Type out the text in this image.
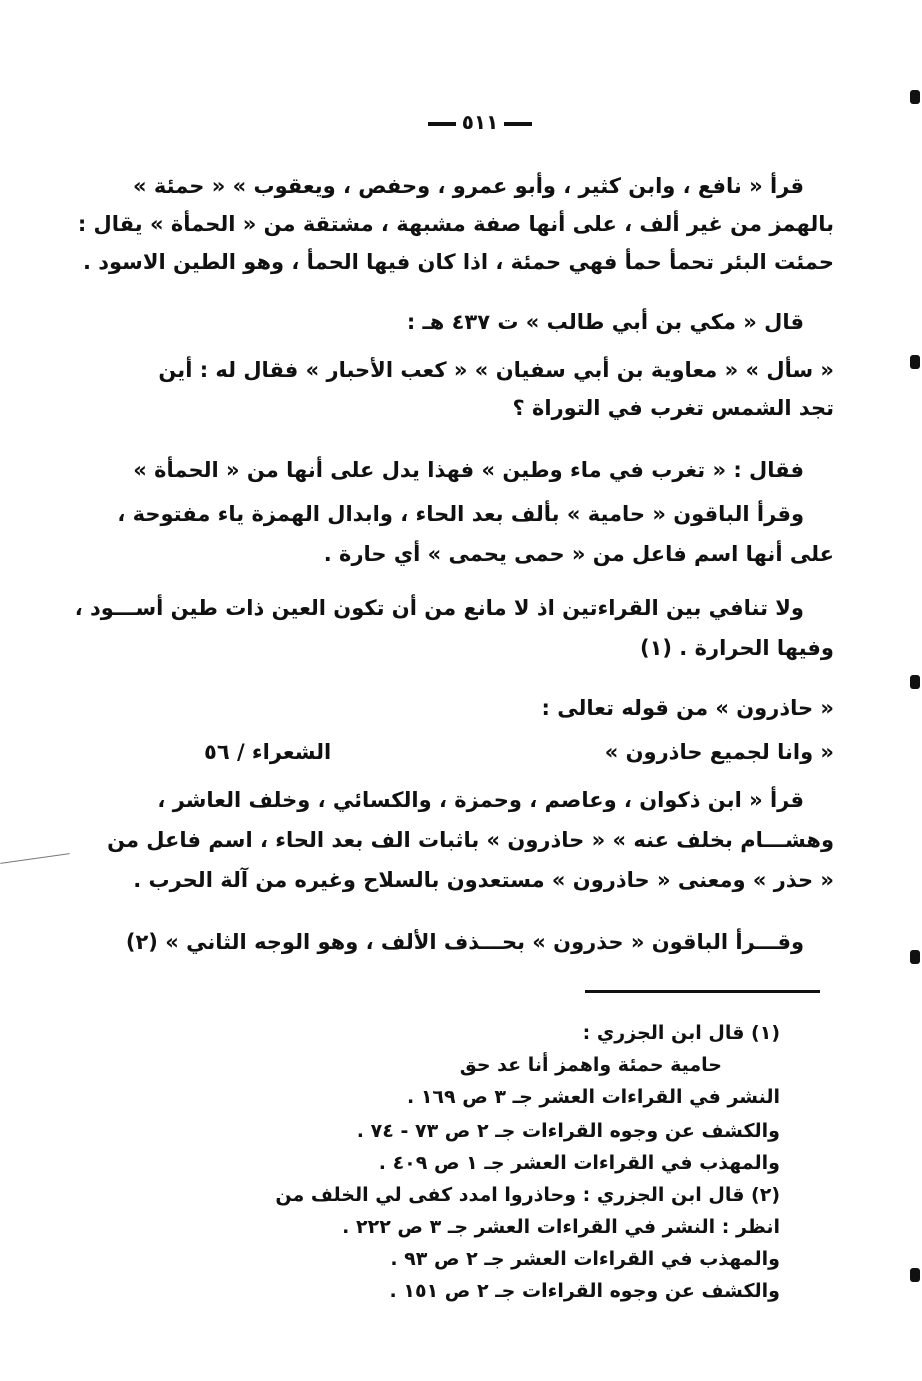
٥١١
قرأ « نافع ، وابن كثير ، وأبو عمرو ، وحفص ، ويعقوب » « حمئة »
بالهمز من غير ألف ، على أنها صفة مشبهة ، مشتقة من « الحمأة » يقال :
حمئت البئر تحمأ حمأ فهي حمئة ، اذا كان فيها الحمأ ، وهو الطين الاسود .
قال « مكي بن أبي طالب » ت ٤٣٧ هـ :
« سأل » « معاوية بن أبي سفيان » « كعب الأحبار » فقال له : أين
تجد الشمس تغرب في التوراة ؟
فقال : « تغرب في ماء وطين » فهذا يدل على أنها من « الحمأة »
وقرأ الباقون « حامية » بألف بعد الحاء ، وابدال الهمزة ياء مفتوحة ،
على أنها اسم فاعل من « حمى يحمى » أي حارة .
ولا تنافي بين القراءتين اذ لا مانع من أن تكون العين ذات طين أســـود ،
وفيها الحرارة . (١)
« حاذرون » من قوله تعالى :
« وانا لجميع حاذرون »
الشعراء / ٥٦
قرأ « ابن ذكوان ، وعاصم ، وحمزة ، والكسائي ، وخلف العاشر ،
وهشـــام بخلف عنه » « حاذرون » باثبات الف بعد الحاء ، اسم فاعل من
« حذر » ومعنى « حاذرون » مستعدون بالسلاح وغيره من آلة الحرب .
وقـــرأ الباقون « حذرون » بحـــذف الألف ، وهو الوجه الثاني » (٢)
(١) قال ابن الجزري :
حامية حمئة واهمز أنا عد حق
النشر في القراءات العشر جـ ٣ ص ١٦٩ .
والكشف عن وجوه القراءات جـ ٢ ص ٧٣ - ٧٤ .
والمهذب في القراءات العشر جـ ١ ص ٤٠٩ .
(٢) قال ابن الجزري : وحاذروا امدد كفى لي الخلف من
انظر : النشر في القراءات العشر جـ ٣ ص ٢٢٢ .
والمهذب في القراءات العشر جـ ٢ ص ٩٣ .
والكشف عن وجوه القراءات جـ ٢ ص ١٥١ .
